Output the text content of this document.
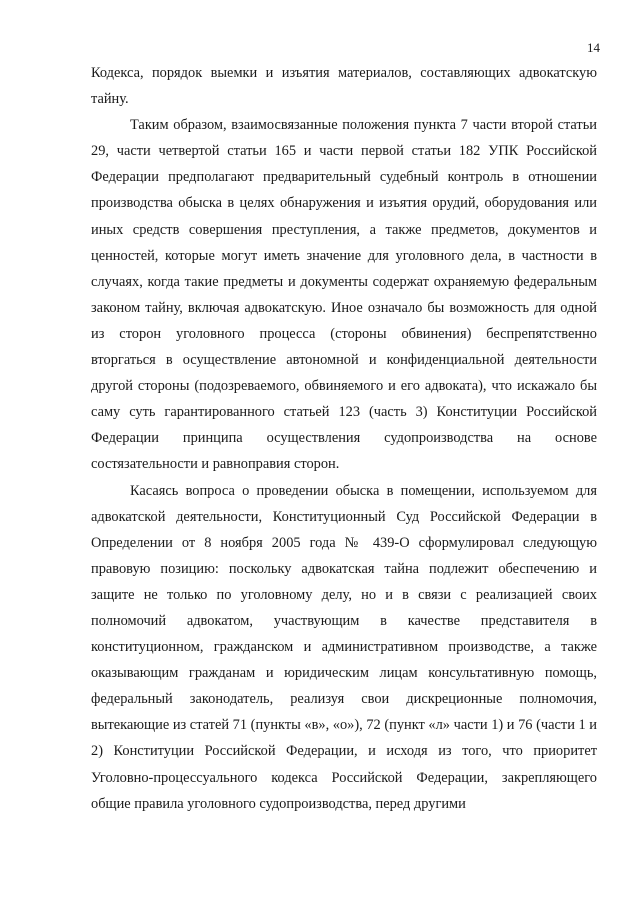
14

Кодекса, порядок выемки и изъятия материалов, составляющих адвокатскую тайну.

Таким образом, взаимосвязанные положения пункта 7 части второй статьи 29, части четвертой статьи 165 и части первой статьи 182 УПК Российской Федерации предполагают предварительный судебный контроль в отношении производства обыска в целях обнаружения и изъятия орудий, оборудования или иных средств совершения преступления, а также предметов, документов и ценностей, которые могут иметь значение для уголовного дела, в частности в случаях, когда такие предметы и документы содержат охраняемую федеральным законом тайну, включая адвокатскую. Иное означало бы возможность для одной из сторон уголовного процесса (стороны обвинения) беспрепятственно вторгаться в осуществление автономной и конфиденциальной деятельности другой стороны (подозреваемого, обвиняемого и его адвоката), что искажало бы саму суть гарантированного статьей 123 (часть 3) Конституции Российской Федерации принципа осуществления судопроизводства на основе состязательности и равноправия сторон.

Касаясь вопроса о проведении обыска в помещении, используемом для адвокатской деятельности, Конституционный Суд Российской Федерации в Определении от 8 ноября 2005 года № 439-О сформулировал следующую правовую позицию: поскольку адвокатская тайна подлежит обеспечению и защите не только по уголовному делу, но и в связи с реализацией своих полномочий адвокатом, участвующим в качестве представителя в конституционном, гражданском и административном производстве, а также оказывающим гражданам и юридическим лицам консультативную помощь, федеральный законодатель, реализуя свои дискреционные полномочия, вытекающие из статей 71 (пункты «в», «о»), 72 (пункт «л» части 1) и 76 (части 1 и 2) Конституции Российской Федерации, и исходя из того, что приоритет Уголовно-процессуального кодекса Российской Федерации, закрепляющего общие правила уголовного судопроизводства, перед другими
